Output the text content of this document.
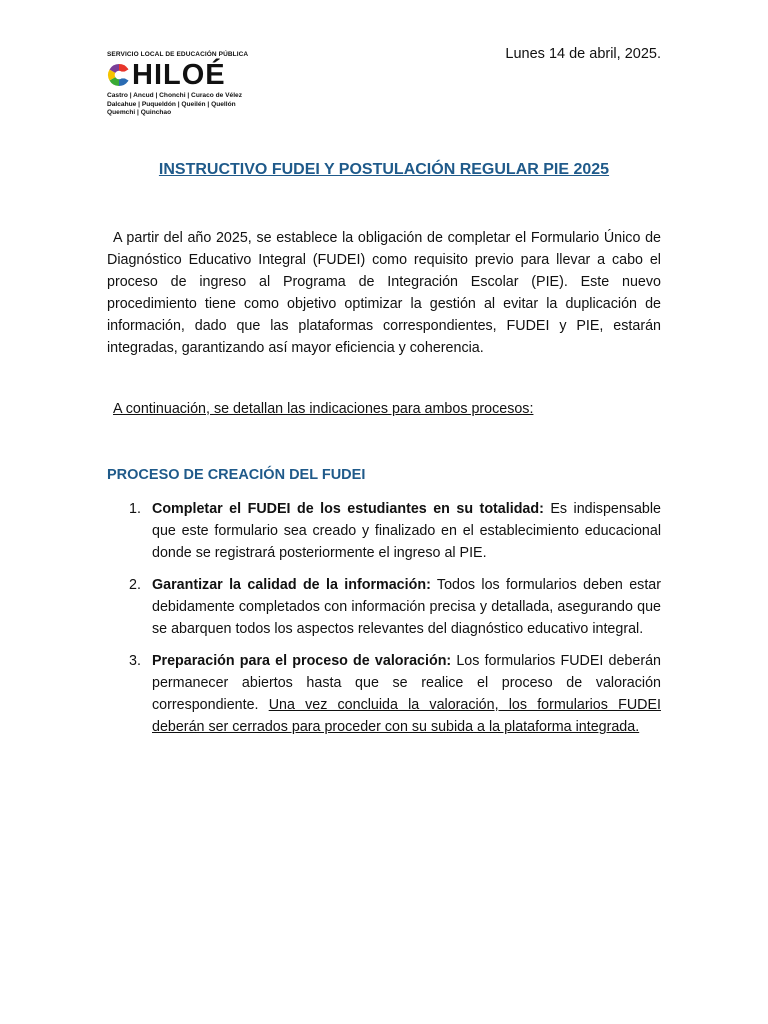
SERVICIO LOCAL DE EDUCACIÓN PÚBLICA
HILOÉ
Castro | Ancud | Chonchi | Curaco de Vélez
Dalcahue | Puqueldón | Queilén | Quellón
Quemchi | Quinchao
Lunes 14 de abril, 2025.
INSTRUCTIVO FUDEI Y POSTULACIÓN REGULAR PIE 2025

A partir del año 2025, se establece la obligación de completar el Formulario Único de Diagnóstico Educativo Integral (FUDEI) como requisito previo para llevar a cabo el proceso de ingreso al Programa de Integración Escolar (PIE). Este nuevo procedimiento tiene como objetivo optimizar la gestión al evitar la duplicación de información, dado que las plataformas correspondientes, FUDEI y PIE, estarán integradas, garantizando así mayor eficiencia y coherencia.

A continuación, se detallan las indicaciones para ambos procesos:
PROCESO DE CREACIÓN DEL FUDEI
1. Completar el FUDEI de los estudiantes en su totalidad: Es indispensable que este formulario sea creado y finalizado en el establecimiento educacional donde se registrará posteriormente el ingreso al PIE.
2. Garantizar la calidad de la información: Todos los formularios deben estar debidamente completados con información precisa y detallada, asegurando que se abarquen todos los aspectos relevantes del diagnóstico educativo integral.
3. Preparación para el proceso de valoración: Los formularios FUDEI deberán permanecer abiertos hasta que se realice el proceso de valoración correspondiente. Una vez concluida la valoración, los formularios FUDEI deberán ser cerrados para proceder con su subida a la plataforma integrada.
